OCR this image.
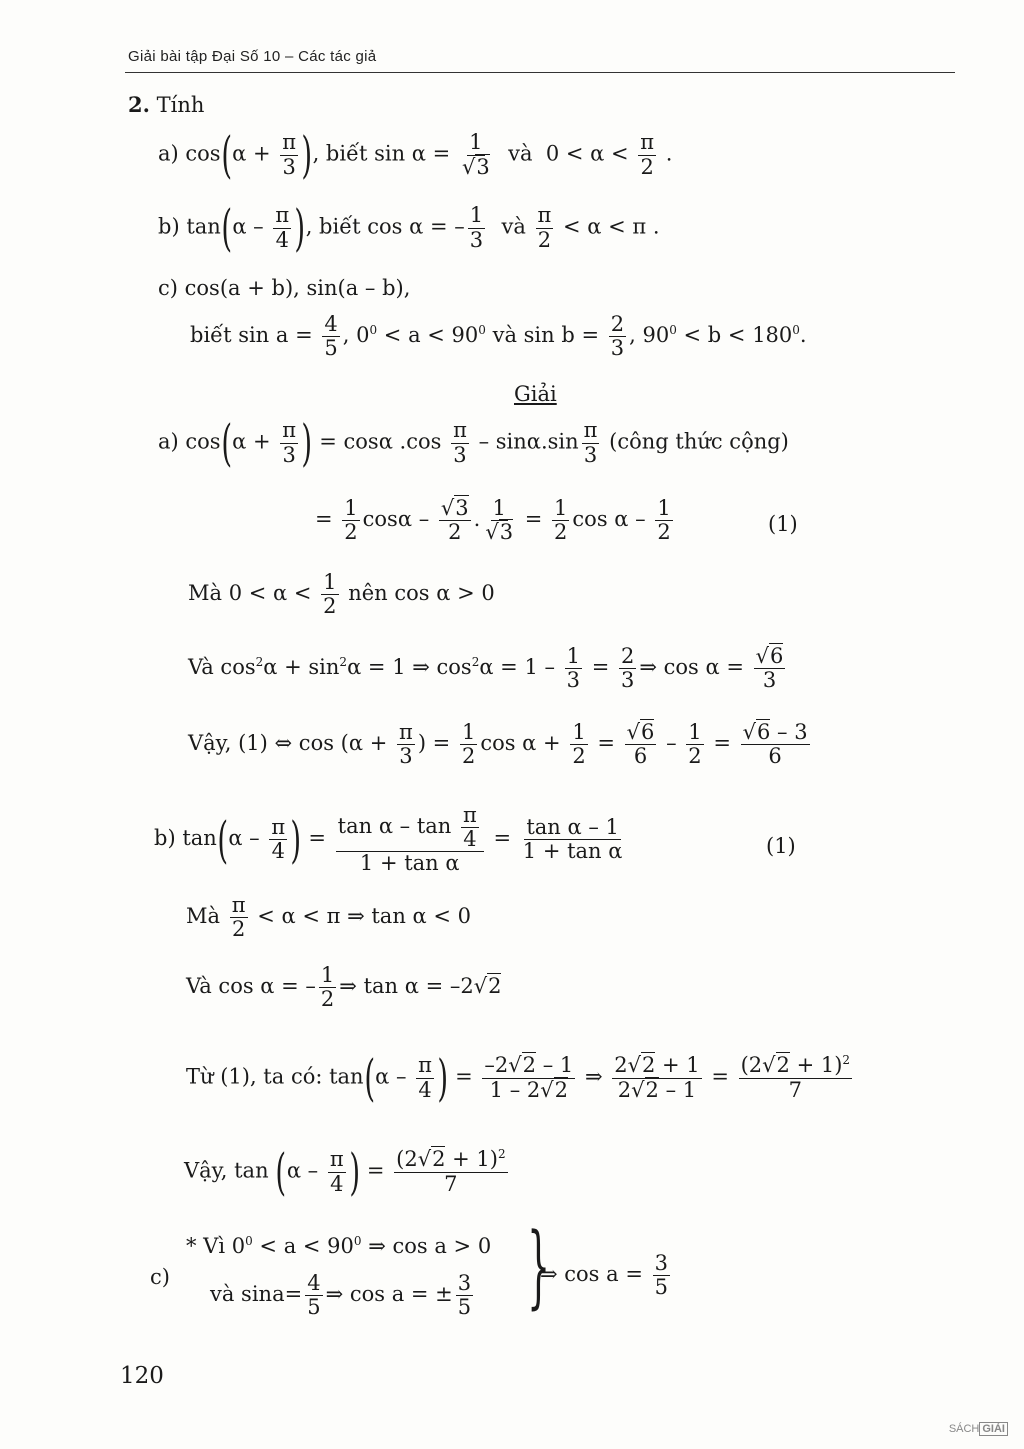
Giải bài tập Đại Số 10 – Các tác giả
2. Tính
a) $\cos(\alpha + \frac{\pi}{3}$ ), biết $\sin \alpha = \frac{1}{√3}$ và  $0 < \alpha < \frac{\pi}{2}$ .
b) $\tan(\alpha - \frac{\pi}{4}$ ), biết cos α = – $\frac{1}{3}$ và $\frac{\pi}{2} < \alpha < \pi$ .
c) cos(a + b), sin(a – b),
biết $\sin a = \frac{4}{5}$ , $0^0 < a < 90^0$ và $\sin b = \frac{2}{3}$ , $90^0 < b < 180^0$.
Giải
a) $\cos(\alpha + \frac{\pi}{3}$ ) = cosα $.\cos \frac{\pi}{3} - \sin\alpha.\sin \frac{\pi}{3}$ (công thức cộng)
= $\frac{1}{2}$ cosα – $\frac{√3}{2}$ . $\frac{1}{√3} = \frac{1}{2}$ cos α – $\frac{1}{2}$	(1)
Mà $0 < \alpha < \frac{1}{2}$ nên cos α > 0
Và $\cos^2\alpha + \sin^2\alpha = 1$ ⇒ $\cos^2\alpha = 1 - \frac{1}{3} = \frac{2}{3}$ ⇒ $\cos \alpha = \frac{√6}{3}$
Vậy, (1) ⇔ $\cos (\alpha + \frac{\pi}{3}$ ) = $\frac{1}{2}$ $\cos \alpha + \frac{1}{2} = \frac{√6}{6} - \frac{1}{2} = \frac{√6 - 3}{6}$
b) $\tan(\alpha - \frac{\pi}{4}$ ) = $\frac{\tan \alpha - \tan \frac{\pi}{4}}{\text{1 + tan α}} = \frac{\text{tan α – 1}}{\text{1 + tan α}}$	(1)
Mà $\frac{\pi}{2} < \alpha < \pi$ ⇒ tan α < 0
Và cos α = – $\frac{1}{2}$ ⇒ tan α = –2√2
Từ (1), ta có: $\tan(\alpha - \frac{\pi}{4}$ ) = $\frac{-2√2 - 1}{1 - 2√2}$ ⇒ $\frac{2√2 + 1}{2√2 - 1} = \frac{(2√2 + 1)^2}{7}$
Vậy, $\tan (\alpha - \frac{\pi}{4}$ ) = $\frac{(2√2 + 1)^2}{7}$
c)
* Vì $0^0 < a < 90^0$ ⇒ cos a > 0
và $\sin a= \frac{4}{5}$ ⇒ cos a = ± $\frac{3}{5}$ }
⇒ $\cos a = \frac{3}{5}$
120
SÁCH GIẢI
